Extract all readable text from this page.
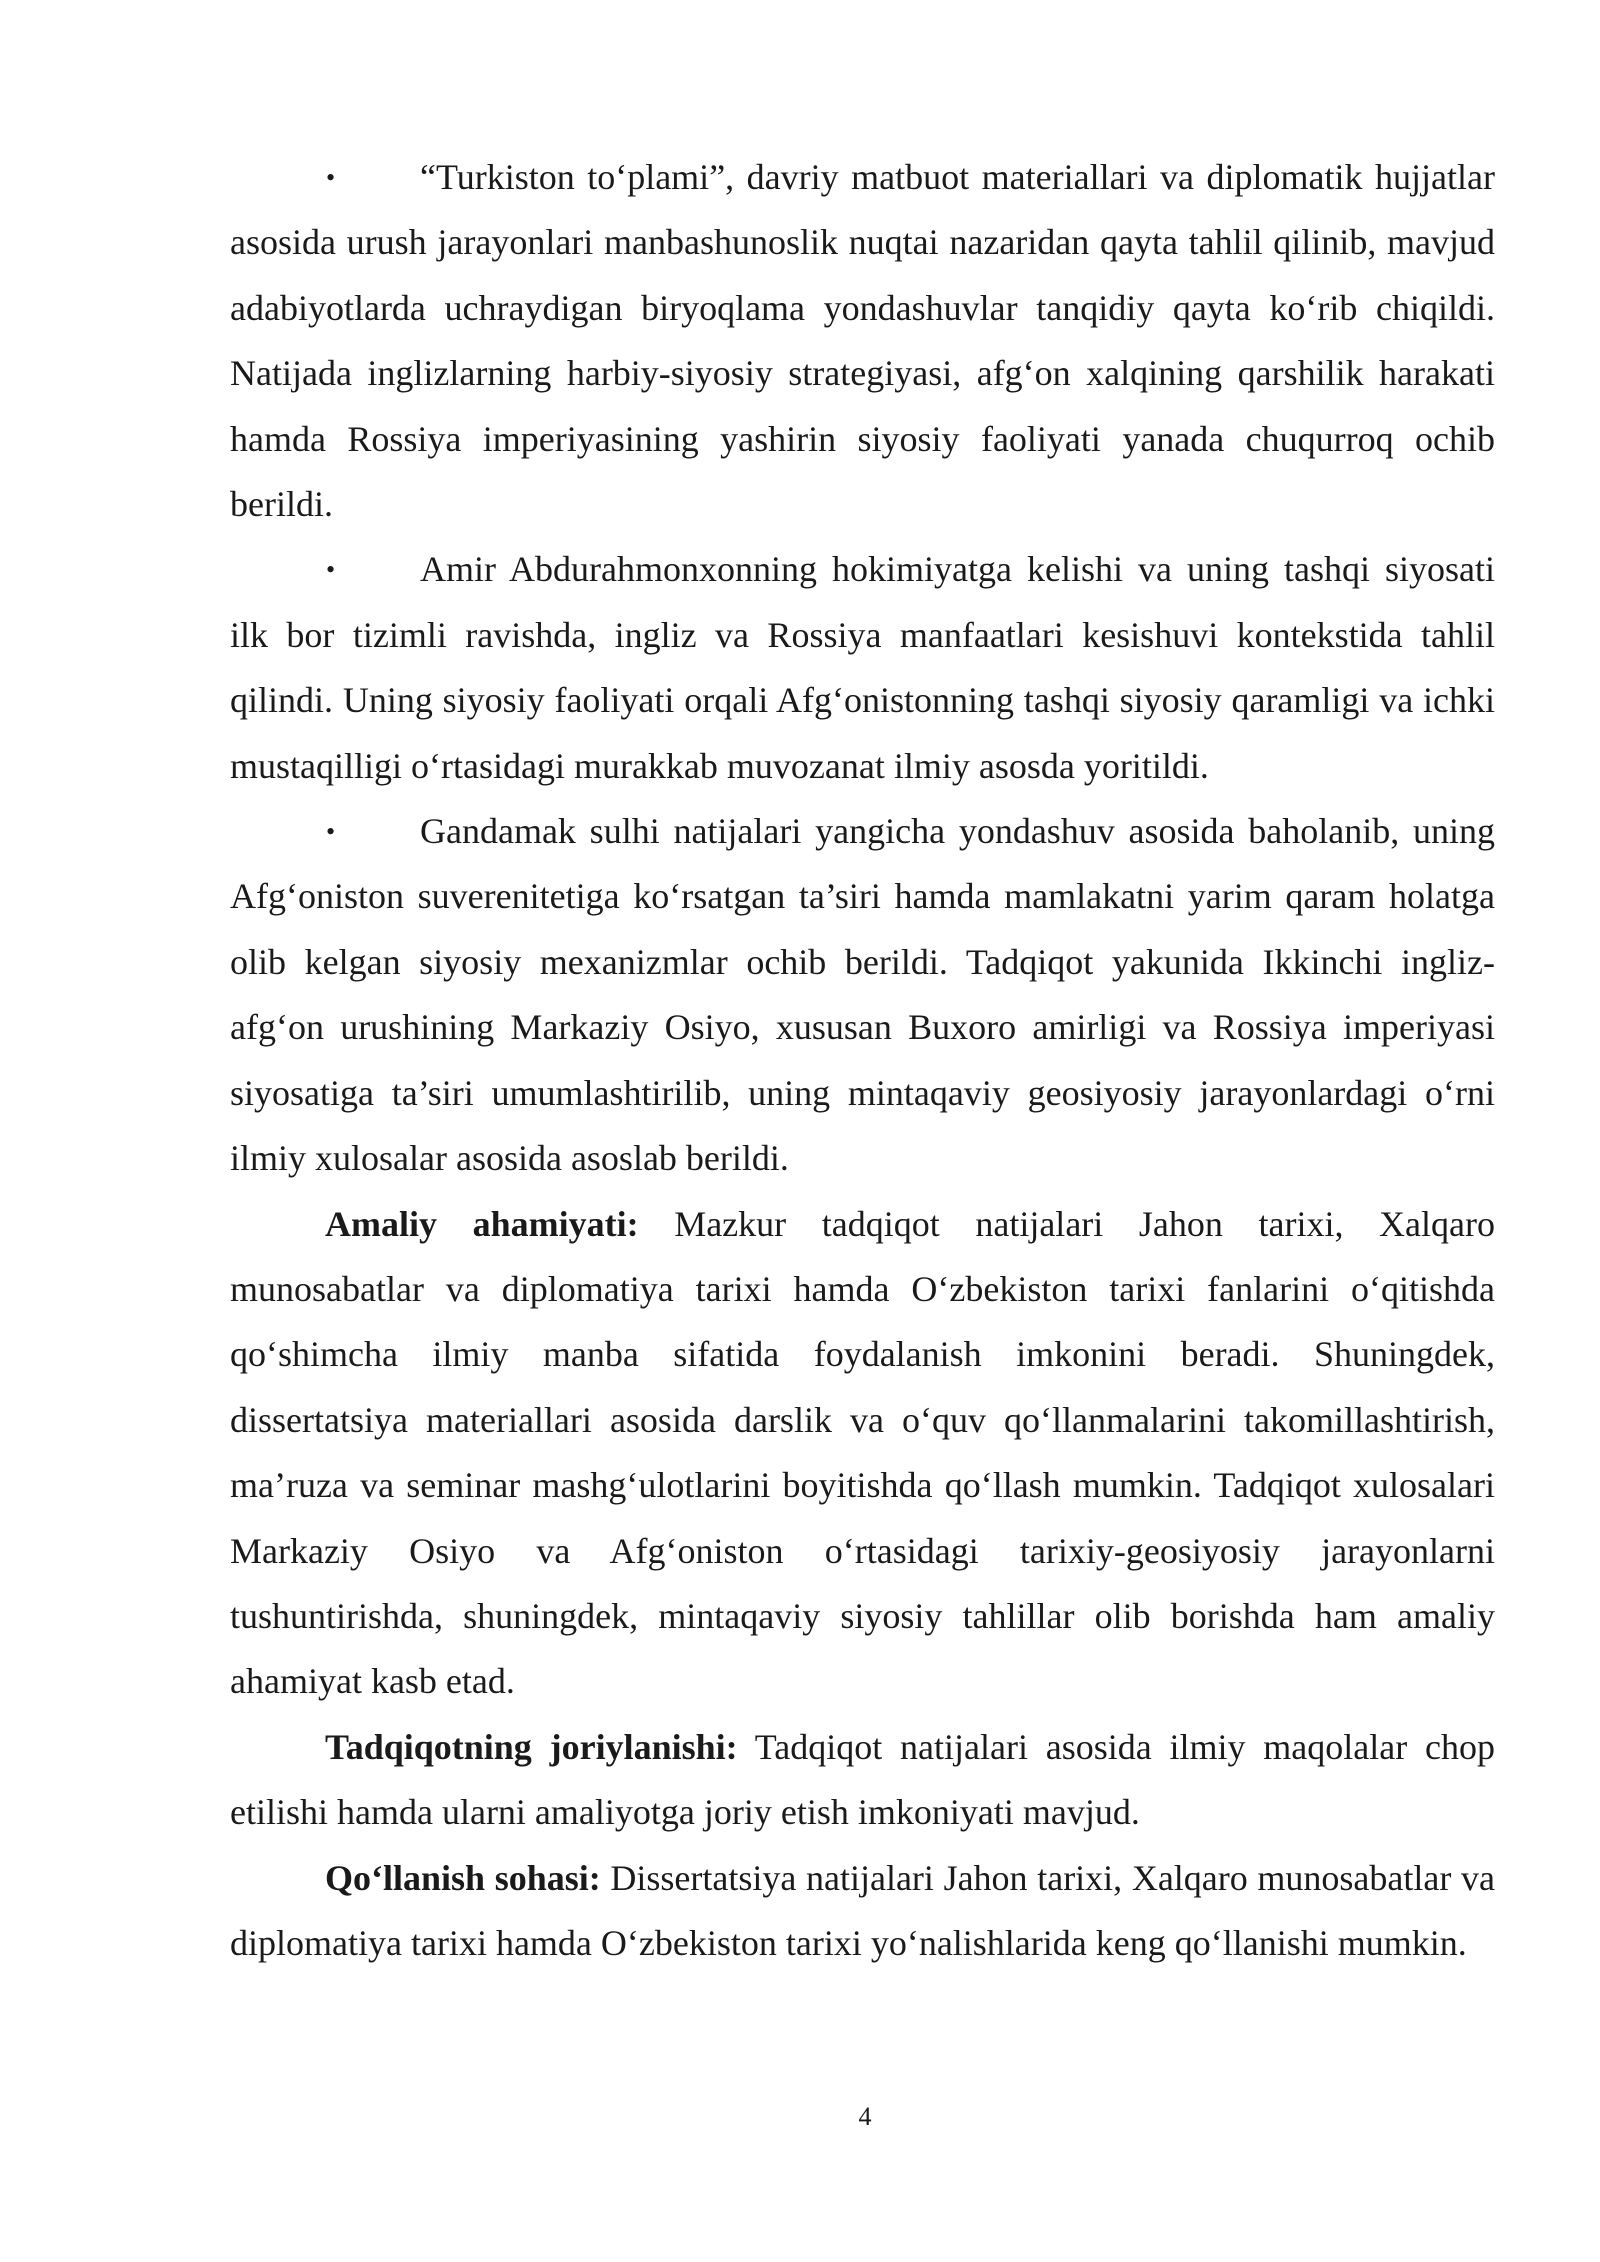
• “Turkiston to‘plami”, davriy matbuot materiallari va diplomatik hujjatlar asosida urush jarayonlari manbashunoslik nuqtai nazaridan qayta tahlil qilinib, mavjud adabiyotlarda uchraydigan biryoqlama yondashuvlar tanqidiy qayta ko‘rib chiqildi. Natijada inglizlarning harbiy-siyosiy strategiyasi, afg‘on xalqining qarshilik harakati hamda Rossiya imperiyasining yashirin siyosiy faoliyati yanada chuqurroq ochib berildi.

• Amir Abdurahmonxonning hokimiyatga kelishi va uning tashqi siyosati ilk bor tizimli ravishda, ingliz va Rossiya manfaatlari kesishuvi kontekstida tahlil qilindi. Uning siyosiy faoliyati orqali Afg‘onistonning tashqi siyosiy qaramligi va ichki mustaqilligi o‘rtasidagi murakkab muvozanat ilmiy asosda yoritildi.

• Gandamak sulhi natijalari yangicha yondashuv asosida baholanib, uning Afg‘oniston suverenitetiga ko‘rsatgan ta’siri hamda mamlakatni yarim qaram holatga olib kelgan siyosiy mexanizmlar ochib berildi. Tadqiqot yakunida Ikkinchi ingliz-afg‘on urushining Markaziy Osiyo, xususan Buxoro amirligi va Rossiya imperiyasi siyosatiga ta’siri umumlashtirilib, uning mintaqaviy geosiyosiy jarayonlardagi o‘rni ilmiy xulosalar asosida asoslab berildi.

Amaliy ahamiyati: Mazkur tadqiqot natijalari Jahon tarixi, Xalqaro munosabatlar va diplomatiya tarixi hamda O‘zbekiston tarixi fanlarini o‘qitishda qo‘shimcha ilmiy manba sifatida foydalanish imkonini beradi. Shuningdek, dissertatsiya materiallari asosida darslik va o‘quv qo‘llanmalarini takomillashtirish, ma’ruza va seminar mashg‘ulotlarini boyitishda qo‘llash mumkin. Tadqiqot xulosalari Markaziy Osiyo va Afg‘oniston o‘rtasidagi tarixiy-geosiyosiy jarayonlarni tushuntirishda, shuningdek, mintaqaviy siyosiy tahlillar olib borishda ham amaliy ahamiyat kasb etad.

Tadqiqotning joriylanishi: Tadqiqot natijalari asosida ilmiy maqolalar chop etilishi hamda ularni amaliyotga joriy etish imkoniyati mavjud.

Qo‘llanish sohasi: Dissertatsiya natijalari Jahon tarixi, Xalqaro munosabatlar va diplomatiya tarixi hamda O‘zbekiston tarixi yo‘nalishlarida keng qo‘llanishi mumkin.

4
